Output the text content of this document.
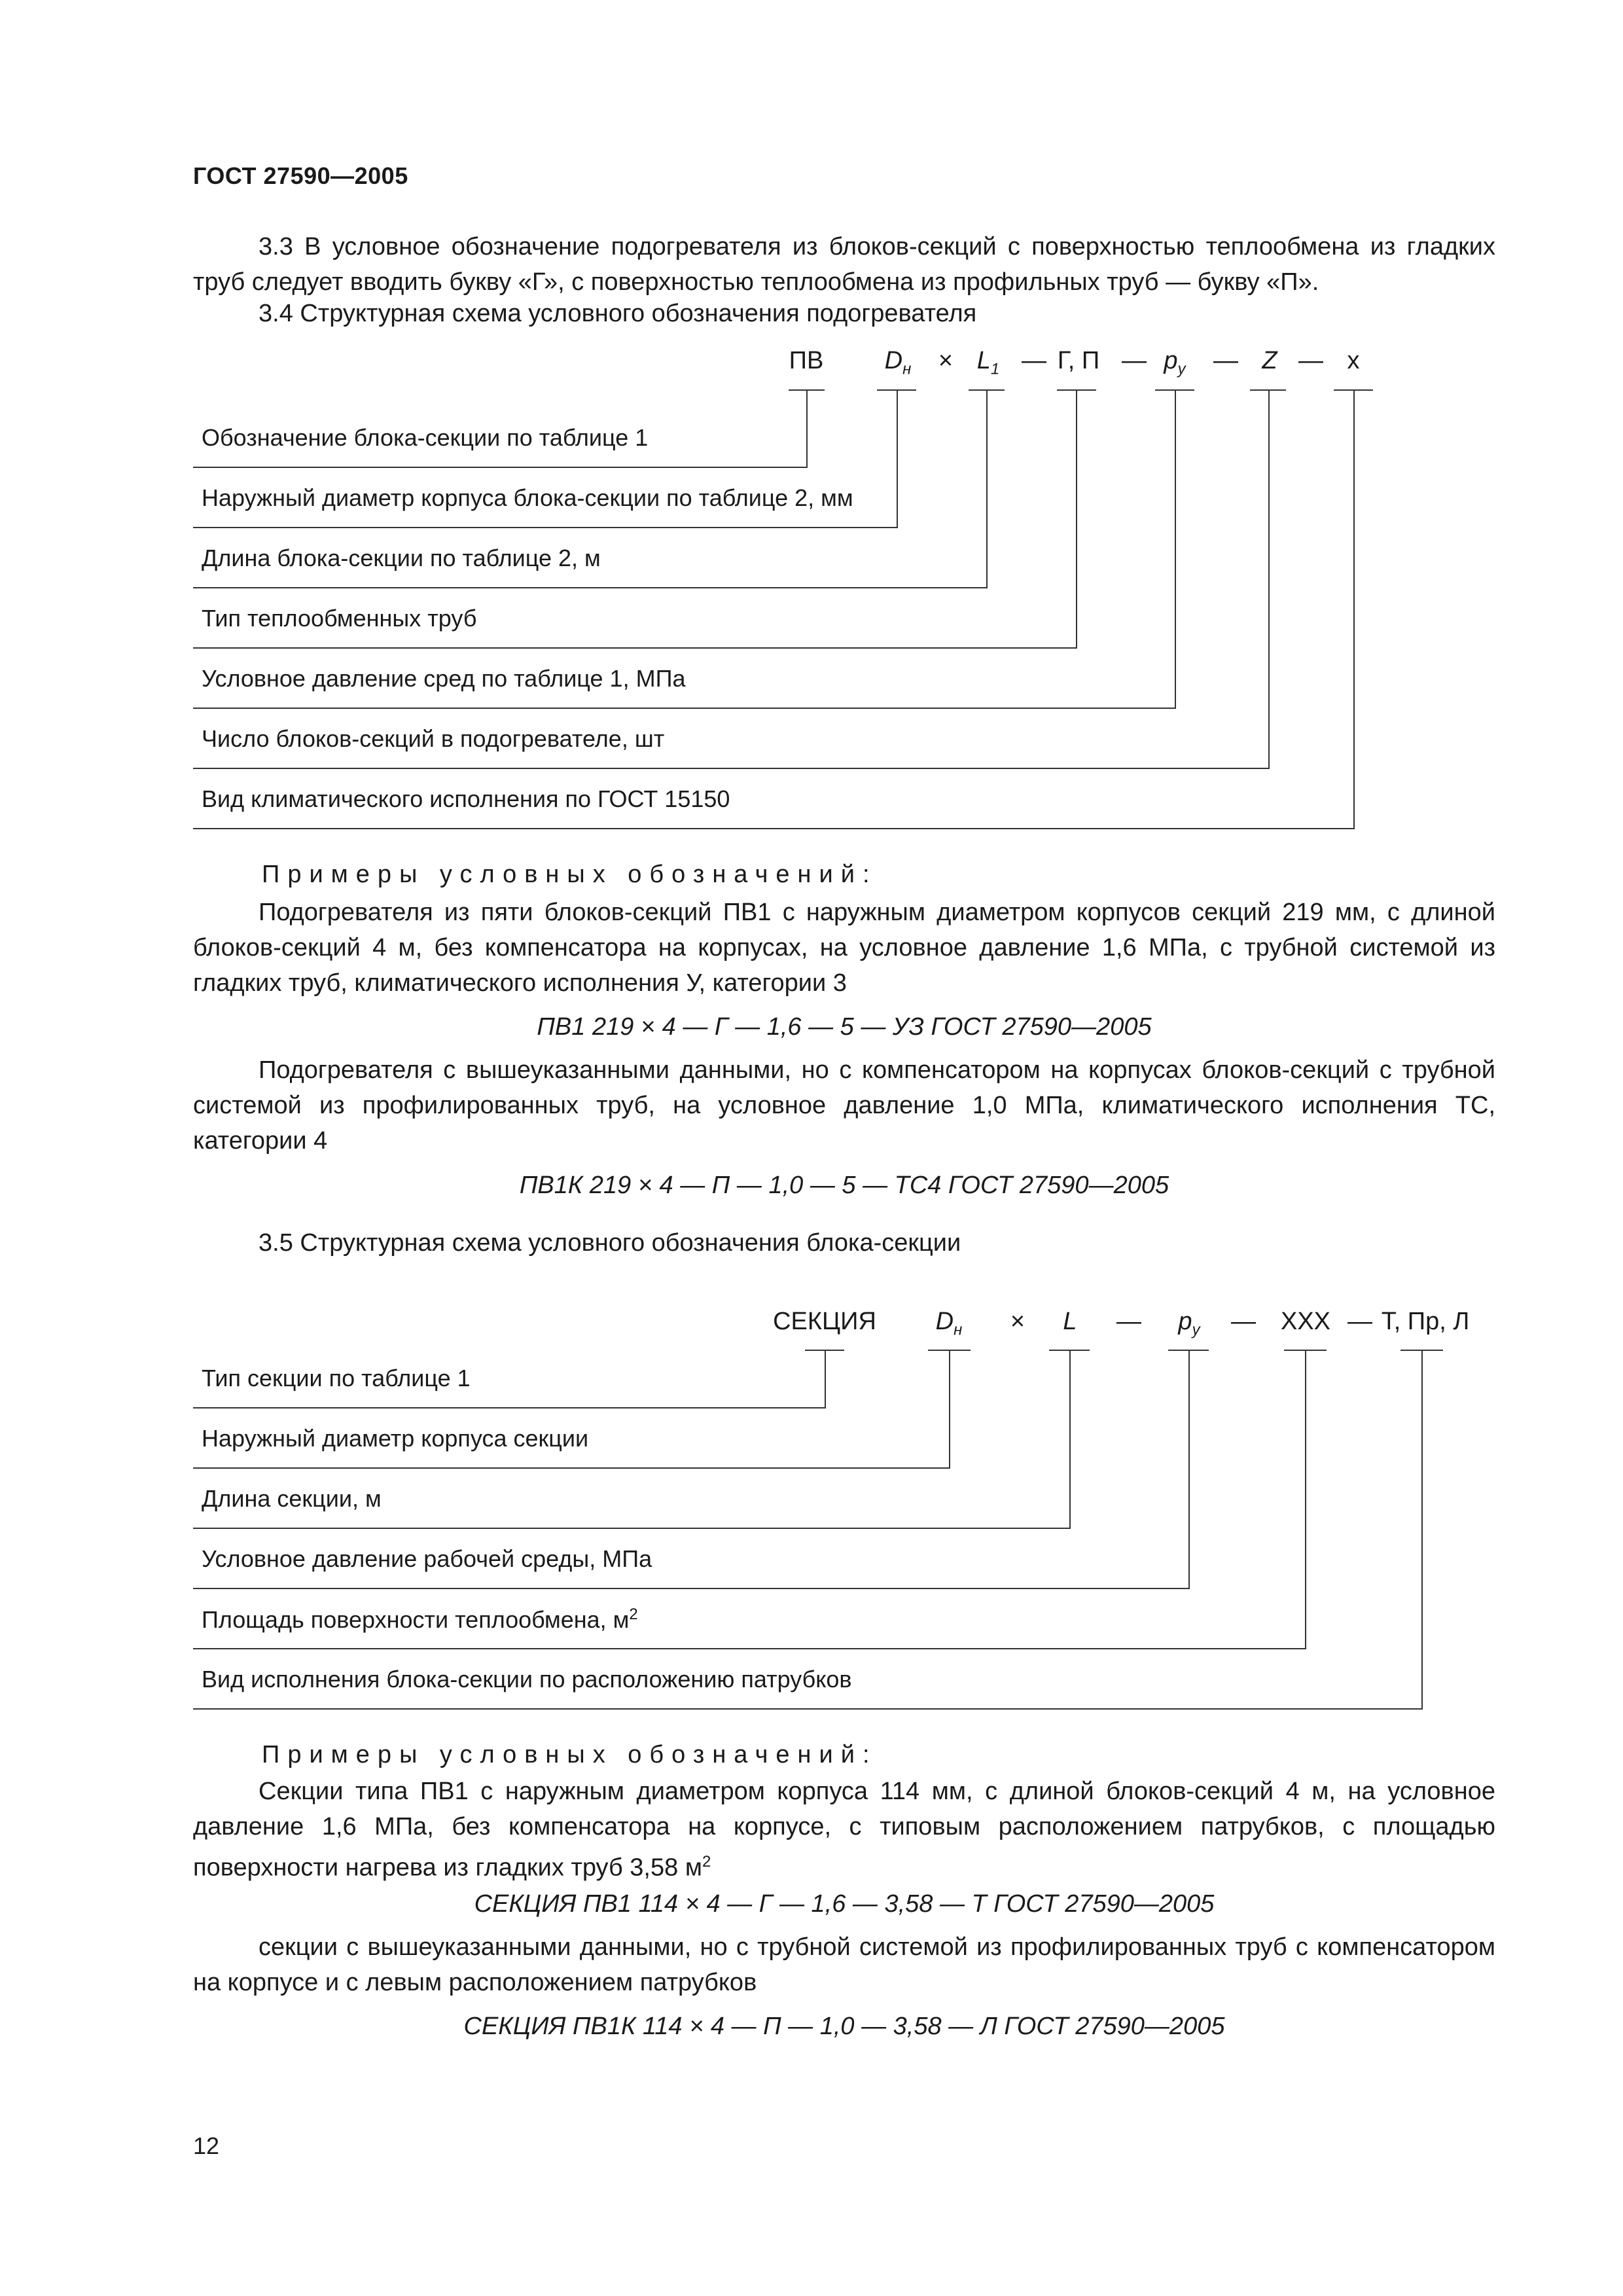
ГОСТ 27590—2005
3.3 В условное обозначение подогревателя из блоков-секций с поверхностью теплообмена из гладких труб следует вводить букву «Г», с поверхностью теплообмена из профильных труб — букву «П».
3.4 Структурная схема условного обозначения подогревателя
ПВ $D_н \times L_1$ — Г, П — $p_у$ — Z — х
Обозначение блока-секции по таблице 1
Наружный диаметр корпуса блока-секции по таблице 2, мм
Длина блока-секции по таблице 2, м
Тип теплообменных труб
Условное давление сред по таблице 1, МПа
Число блоков-секций в подогревателе, шт
Вид климатического исполнения по ГОСТ 15150
Примеры условных обозначений:
Подогревателя из пяти блоков-секций ПВ1 с наружным диаметром корпусов секций 219 мм, с длиной блоков-секций 4 м, без компенсатора на корпусах, на условное давление 1,6 МПа, с трубной системой из гладких труб, климатического исполнения У, категории 3
ПВ1 219 × 4 — Г — 1,6 — 5 — УЗ ГОСТ 27590—2005
Подогревателя с вышеуказанными данными, но с компенсатором на корпусах блоков-секций с трубной системой из профилированных труб, на условное давление 1,0 МПа, климатического исполнения ТС, категории 4
ПВ1К 219 × 4 — П — 1,0 — 5 — ТС4 ГОСТ 27590—2005
3.5 Структурная схема условного обозначения блока-секции
СЕКЦИЯ $D_н \times L$ — $p_у$ — ХХХ — Т, Пр, Л
Тип секции по таблице 1
Наружный диаметр корпуса секции
Длина секции, м
Условное давление рабочей среды, МПа
Площадь поверхности теплообмена, $м^2$
Вид исполнения блока-секции по расположению патрубков
Примеры условных обозначений:
Секции типа ПВ1 с наружным диаметром корпуса 114 мм, с длиной блоков-секций 4 м, на условное давление 1,6 МПа, без компенсатора на корпусе, с типовым расположением патрубков, с площадью поверхности нагрева из гладких труб 3,58 $м^2$
СЕКЦИЯ ПВ1 114 × 4 — Г — 1,6 — 3,58 — Т ГОСТ 27590—2005
секции с вышеуказанными данными, но с трубной системой из профилированных труб с компенсатором на корпусе и с левым расположением патрубков
СЕКЦИЯ ПВ1К 114 × 4 — П — 1,0 — 3,58 — Л ГОСТ 27590—2005
12
